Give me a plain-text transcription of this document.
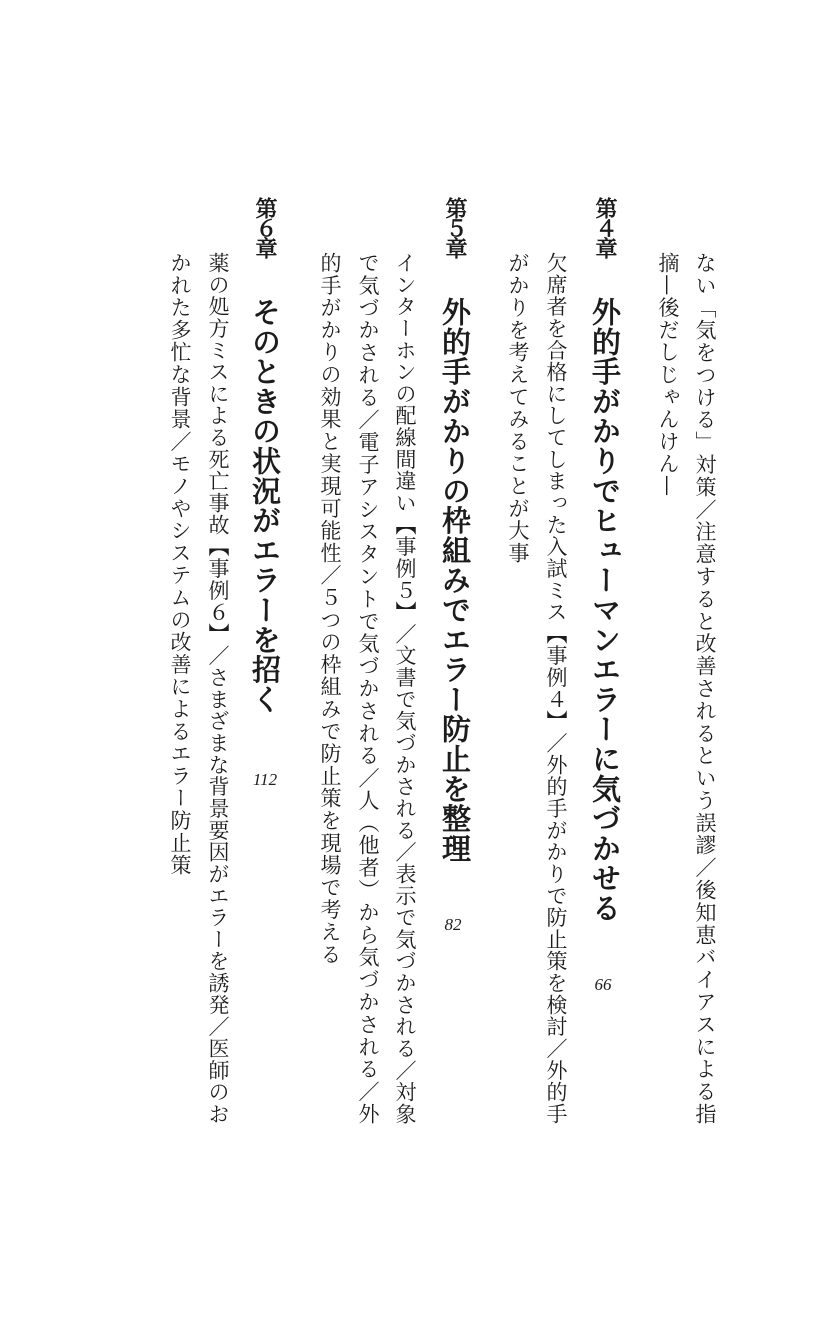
ない「気をつける」対策／注意すると改善されるという誤謬／後知恵バイアスによる指
摘—後だしじゃんけん—
第４章
外的手がかりでヒューマンエラーに気づかせる
66
欠席者を合格にしてしまった入試ミス【事例４】／外的手がかりで防止策を検討／外的手
がかりを考えてみることが大事
第５章
外的手がかりの枠組みでエラー防止を整理
82
インターホンの配線間違い【事例５】／文書で気づかされる／表示で気づかされる／対象
で気づかされる／電子アシスタントで気づかされる／人（他者）から気づかされる／外
的手がかりの効果と実現可能性／５つの枠組みで防止策を現場で考える
第６章
そのときの状況がエラーを招く
112
薬の処方ミスによる死亡事故【事例６】／さまざまな背景要因がエラーを誘発／医師のお
かれた多忙な背景／モノやシステムの改善によるエラー防止策
